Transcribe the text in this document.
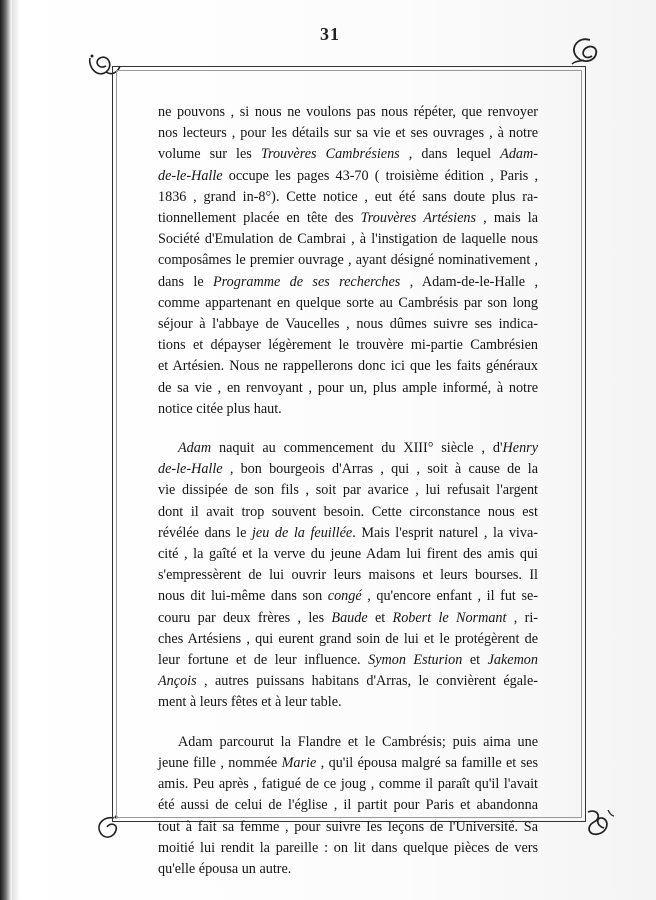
31

ne pouvons , si nous ne voulons pas nous répéter, que renvoyer
nos lecteurs , pour les détails sur sa vie et ses ouvrages , à notre
volume sur les Trouvères Cambrésiens , dans lequel Adam-
de-le-Halle occupe les pages 43-70 ( troisième édition , Paris ,
1836 , grand in-8°). Cette notice , eut été sans doute plus ra-
tionnellement placée en tête des Trouvères Artésiens , mais la
Société d'Emulation de Cambrai , à l'instigation de laquelle nous
composâmes le premier ouvrage , ayant désigné nominativement ,
dans le Programme de ses recherches , Adam-de-le-Halle ,
comme appartenant en quelque sorte au Cambrésis par son long
séjour à l'abbaye de Vaucelles , nous dûmes suivre ses indica-
tions et dépayser légèrement le trouvère mi-partie Cambrésien
et Artésien. Nous ne rappellerons donc ici que les faits généraux
de sa vie , en renvoyant , pour un, plus ample informé, à notre
notice citée plus haut.

Adam naquit au commencement du XIII° siècle , d'Henry
de-le-Halle , bon bourgeois d'Arras , qui , soit à cause de la
vie dissipée de son fils , soit par avarice , lui refusait l'argent
dont il avait trop souvent besoin. Cette circonstance nous est
révélée dans le jeu de la feuillée. Mais l'esprit naturel , la viva-
cité , la gaîté et la verve du jeune Adam lui firent des amis qui
s'empressèrent de lui ouvrir leurs maisons et leurs bourses. Il
nous dit lui-même dans son congé , qu'encore enfant , il fut se-
couru par deux frères , les Baude et Robert le Normant , ri-
ches Artésiens , qui eurent grand soin de lui et le protégèrent de
leur fortune et de leur influence. Symon Esturion et Jakemon
Ançois , autres puissans habitans d'Arras, le convièrent égale-
ment à leurs fêtes et à leur table.

Adam parcourut la Flandre et le Cambrésis; puis aima une
jeune fille , nommée Marie , qu'il épousa malgré sa famille et ses
amis. Peu après , fatigué de ce joug , comme il paraît qu'il l'avait
été aussi de celui de l'église , il partit pour Paris et abandonna
tout à fait sa femme , pour suivre les leçons de l'Université. Sa
moitié lui rendit la pareille : on lit dans quelque pièces de vers
qu'elle épousa un autre.
